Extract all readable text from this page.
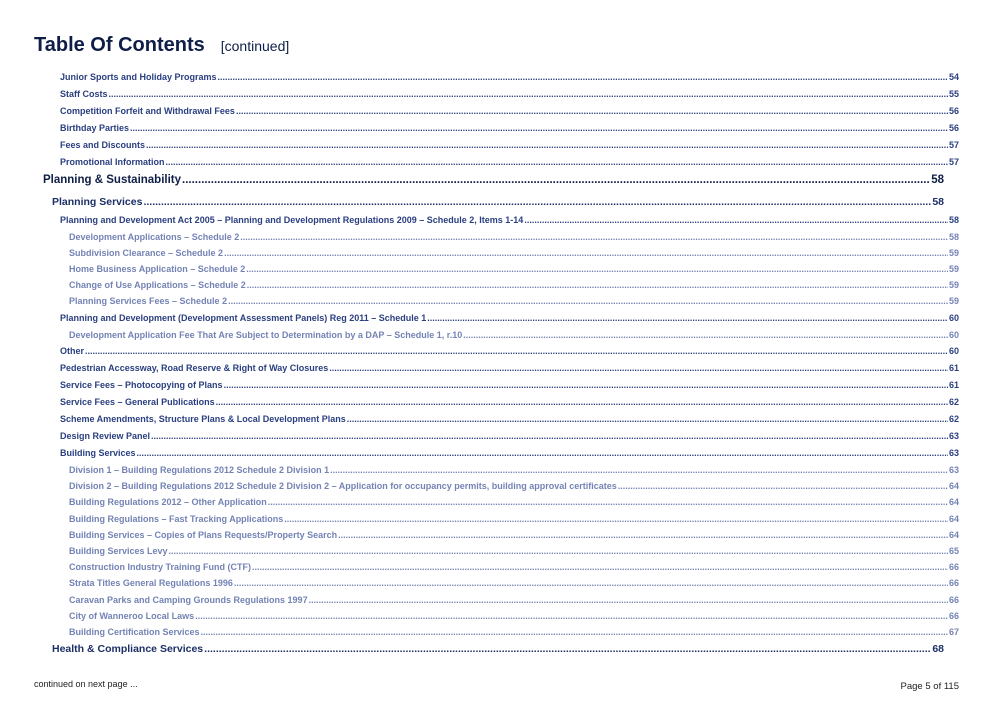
Table Of Contents [continued]
Junior Sports and Holiday Programs .....	54
Staff Costs .....	55
Competition Forfeit and Withdrawal Fees .....	56
Birthday Parties .....	56
Fees and Discounts .....	57
Promotional Information .....	57
Planning & Sustainability .....	58
Planning Services .....	58
Planning and Development Act 2005 – Planning and Development Regulations 2009 – Schedule 2, Items 1-14 .....	58
Development Applications – Schedule 2 .....	58
Subdivision Clearance – Schedule 2 .....	59
Home Business Application – Schedule 2 .....	59
Change of Use Applications – Schedule 2 .....	59
Planning Services Fees – Schedule 2 .....	59
Planning and Development (Development Assessment Panels) Reg 2011 – Schedule 1 .....	60
Development Application Fee That Are Subject to Determination by a DAP – Schedule 1, r.10 .....	60
Other .....	60
Pedestrian Accessway, Road Reserve & Right of Way Closures .....	61
Service Fees – Photocopying of Plans .....	61
Service Fees – General Publications .....	62
Scheme Amendments, Structure Plans & Local Development Plans .....	62
Design Review Panel .....	63
Building Services .....	63
Division 1 – Building Regulations 2012 Schedule 2 Division 1 .....	63
Division 2 – Building Regulations 2012 Schedule 2 Division 2 – Application for occupancy permits, building approval certificates .....	64
Building Regulations 2012 – Other Application .....	64
Building Regulations – Fast Tracking Applications .....	64
Building Services – Copies of Plans Requests/Property Search .....	64
Building Services Levy .....	65
Construction Industry Training Fund (CTF) .....	66
Strata Titles General Regulations 1996 .....	66
Caravan Parks and Camping Grounds Regulations 1997 .....	66
City of Wanneroo Local Laws .....	66
Building Certification Services .....	67
Health & Compliance Services .....	68
continued on next page ...	Page 5 of 115
